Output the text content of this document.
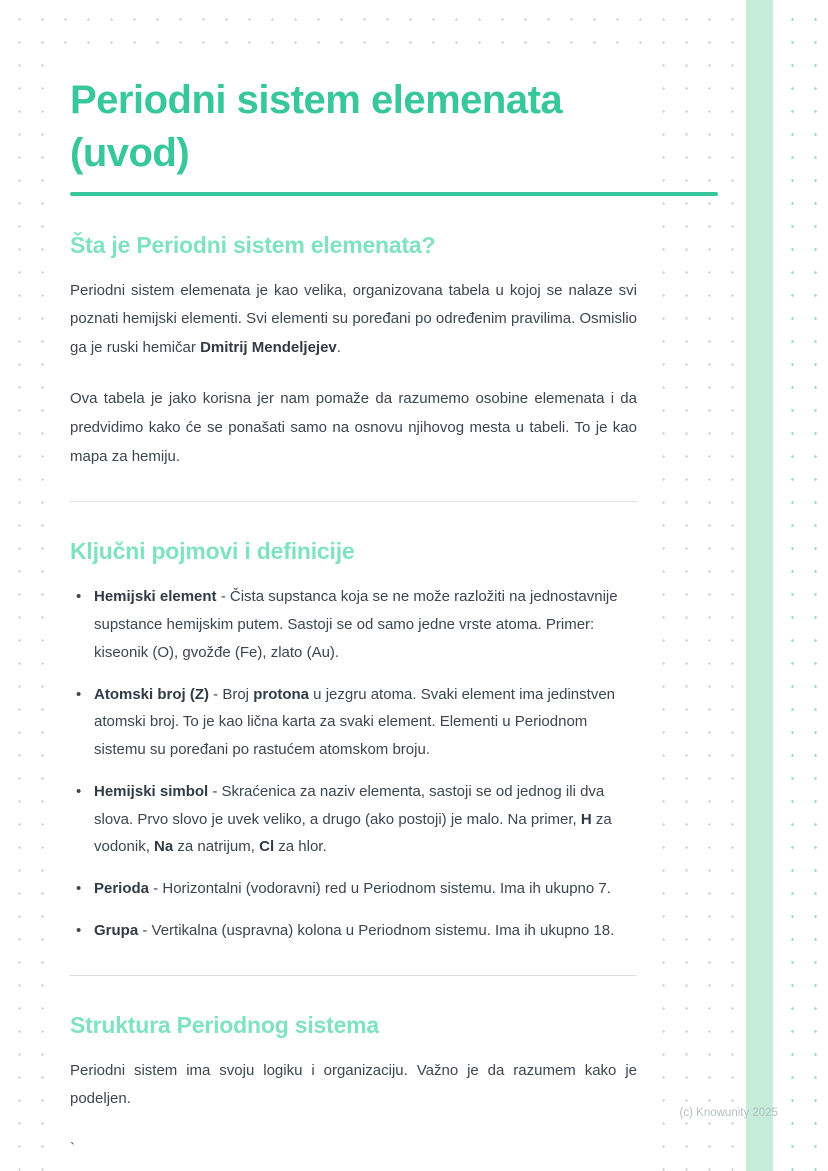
Periodni sistem elemenata
(uvod)
Šta je Periodni sistem elemenata?

Periodni sistem elemenata je kao velika, organizovana tabela u kojoj se nalaze svi poznati hemijski elementi. Svi elementi su poređani po određenim pravilima. Osmislio ga je ruski hemičar Dmitrij Mendeljejev.

Ova tabela je jako korisna jer nam pomaže da razumemo osobine elemenata i da predvidimo kako će se ponašati samo na osnovu njihovog mesta u tabeli. To je kao mapa za hemiju.

Ključni pojmovi i definicije
• Hemijski element - Čista supstanca koja se ne može razložiti na jednostavnije supstance hemijskim putem. Sastoji se od samo jedne vrste atoma. Primer: kiseonik (O), gvožđe (Fe), zlato (Au).
• Atomski broj (Z) - Broj protona u jezgru atoma. Svaki element ima jedinstven atomski broj. To je kao lična karta za svaki element. Elementi u Periodnom sistemu su poređani po rastućem atomskom broju.
• Hemijski simbol - Skraćenica za naziv elementa, sastoji se od jednog ili dva slova. Prvo slovo je uvek veliko, a drugo (ako postoji) je malo. Na primer, H za vodonik, Na za natrijum, Cl za hlor.
• Perioda - Horizontalni (vodoravni) red u Periodnom sistemu. Ima ih ukupno 7.
• Grupa - Vertikalna (uspravna) kolona u Periodnom sistemu. Ima ih ukupno 18.
Struktura Periodnog sistema

Periodni sistem ima svoju logiku i organizaciju. Važno je da razumem kako je podeljen.

`

(c) Knowunity 2025
